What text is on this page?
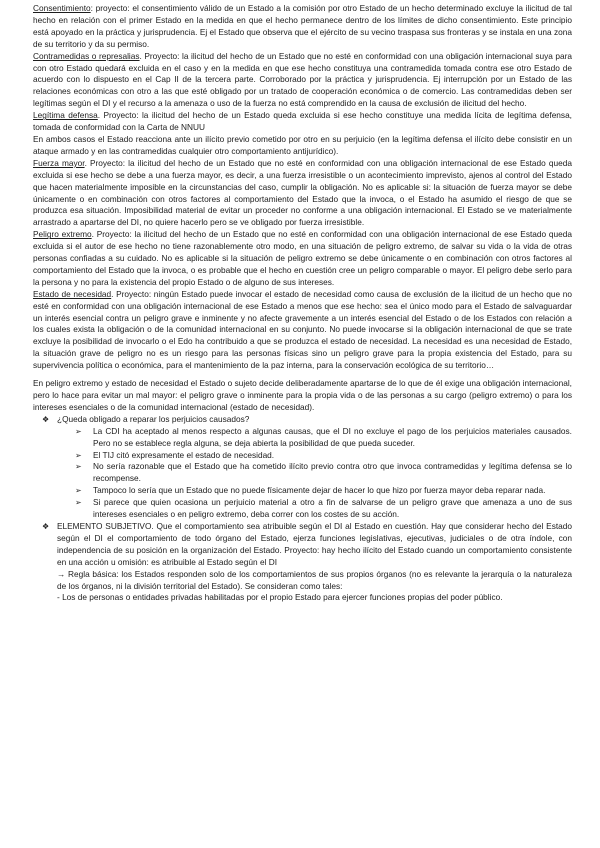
Consentimiento: proyecto: el consentimiento válido de un Estado a la comisión por otro Estado de un hecho determinado excluye la ilicitud de tal hecho en relación con el primer Estado en la medida en que el hecho permanece dentro de los límites de dicho consentimiento. Este principio está apoyado en la práctica y jurisprudencia. Ej el Estado que observa que el ejército de su vecino traspasa sus fronteras y se instala en una zona de su territorio y da su permiso.

Contramedidas o represalias. Proyecto: la ilicitud del hecho de un Estado que no esté en conformidad con una obligación internacional suya para con otro Estado quedará excluida en el caso y en la medida en que ese hecho constituya una contramedida tomada contra ese otro Estado de acuerdo con lo dispuesto en el Cap II de la tercera parte. Corroborado por la práctica y jurisprudencia. Ej interrupción por un Estado de las relaciones económicas con otro a las que esté obligado por un tratado de cooperación económica o de comercio. Las contramedidas deben ser legítimas según el DI y el recurso a la amenaza o uso de la fuerza no está comprendido en la causa de exclusión de ilicitud del hecho.

Legítima defensa. Proyecto: la ilicitud del hecho de un Estado queda excluida si ese hecho constituye una medida lícita de legítima defensa, tomada de conformidad con la Carta de NNUU

En ambos casos el Estado reacciona ante un ilícito previo cometido por otro en su perjuicio (en la legítima defensa el ilícito debe consistir en un ataque armado y en las contramedidas cualquier otro comportamiento antijurídico).

Fuerza mayor. Proyecto: la ilicitud del hecho de un Estado que no esté en conformidad con una obligación internacional de ese Estado queda excluida si ese hecho se debe a una fuerza mayor, es decir, a una fuerza irresistible o un acontecimiento imprevisto, ajenos al control del Estado que hacen materialmente imposible en la circunstancias del caso, cumplir la obligación. No es aplicable si: la situación de fuerza mayor se debe únicamente o en combinación con otros factores al comportamiento del Estado que la invoca, o el Estado ha asumido el riesgo de que se produzca esa situación. Imposibilidad material de evitar un proceder no conforme a una obligación internacional. El Estado se ve materialmente arrastrado a apartarse del DI, no quiere hacerlo pero se ve obligado por fuerza irresistible.

Peligro extremo. Proyecto: la ilicitud del hecho de un Estado que no esté en conformidad con una obligación internacional de ese Estado queda excluida si el autor de ese hecho no tiene razonablemente otro modo, en una situación de peligro extremo, de salvar su vida o la vida de otras personas confiadas a su cuidado. No es aplicable si la situación de peligro extremo se debe únicamente o en combinación con otros factores al comportamiento del Estado que la invoca, o es probable que el hecho en cuestión cree un peligro comparable o mayor. El peligro debe serlo para la persona y no para la existencia del propio Estado o de alguno de sus intereses.

Estado de necesidad. Proyecto: ningún Estado puede invocar el estado de necesidad como causa de exclusión de la ilicitud de un hecho que no esté en conformidad con una obligación internacional de ese Estado a menos que ese hecho: sea el único modo para el Estado de salvaguardar un interés esencial contra un peligro grave e inminente y no afecte gravemente a un interés esencial del Estado o de los Estados con relación a los cuales exista la obligación o de la comunidad internacional en su conjunto. No puede invocarse si la obligación internacional de que se trate excluye la posibilidad de invocarlo o el Edo ha contribuido a que se produzca el estado de necesidad. La necesidad es una necesidad de Estado, la situación grave de peligro no es un riesgo para las personas físicas sino un peligro grave para la propia existencia del Estado, para su supervivencia política o económica, para el mantenimiento de la paz interna, para la conservación ecológica de su territorio…

En peligro extremo y estado de necesidad el Estado o sujeto decide deliberadamente apartarse de lo que de él exige una obligación internacional, pero lo hace para evitar un mal mayor: el peligro grave o inminente para la propia vida o de las personas a su cargo (peligro extremo) o para los intereses esenciales o de la comunidad internacional (estado de necesidad).

❖ ¿Queda obligado a reparar los perjuicios causados?
➢ La CDI ha aceptado al menos respecto a algunas causas, que el DI no excluye el pago de los perjuicios materiales causados. Pero no se establece regla alguna, se deja abierta la posibilidad de que pueda suceder.
➢ El TIJ citó expresamente el estado de necesidad.
➢ No sería razonable que el Estado que ha cometido ilícito previo contra otro que invoca contramedidas y legítima defensa se lo recompense.
➢ Tampoco lo sería que un Estado que no puede físicamente dejar de hacer lo que hizo por fuerza mayor deba reparar nada.
➢ Si parece que quien ocasiona un perjuicio material a otro a fin de salvarse de un peligro grave que amenaza a uno de sus intereses esenciales o en peligro extremo, deba correr con los costes de su acción.
❖ ELEMENTO SUBJETIVO. Que el comportamiento sea atribuible según el DI al Estado en cuestión. Hay que considerar hecho del Estado según el DI el comportamiento de todo órgano del Estado, ejerza funciones legislativas, ejecutivas, judiciales o de otra índole, con independencia de su posición en la organización del Estado. Proyecto: hay hecho ilícito del Estado cuando un comportamiento consistente en una acción u omisión: es atribuible al Estado según el DI
→ Regla básica: los Estados responden solo de los comportamientos de sus propios órganos (no es relevante la jerarquía o la naturaleza de los órganos, ni la división territorial del Estado). Se consideran como tales:
- Los de personas o entidades privadas habilitadas por el propio Estado para ejercer funciones propias del poder público.
